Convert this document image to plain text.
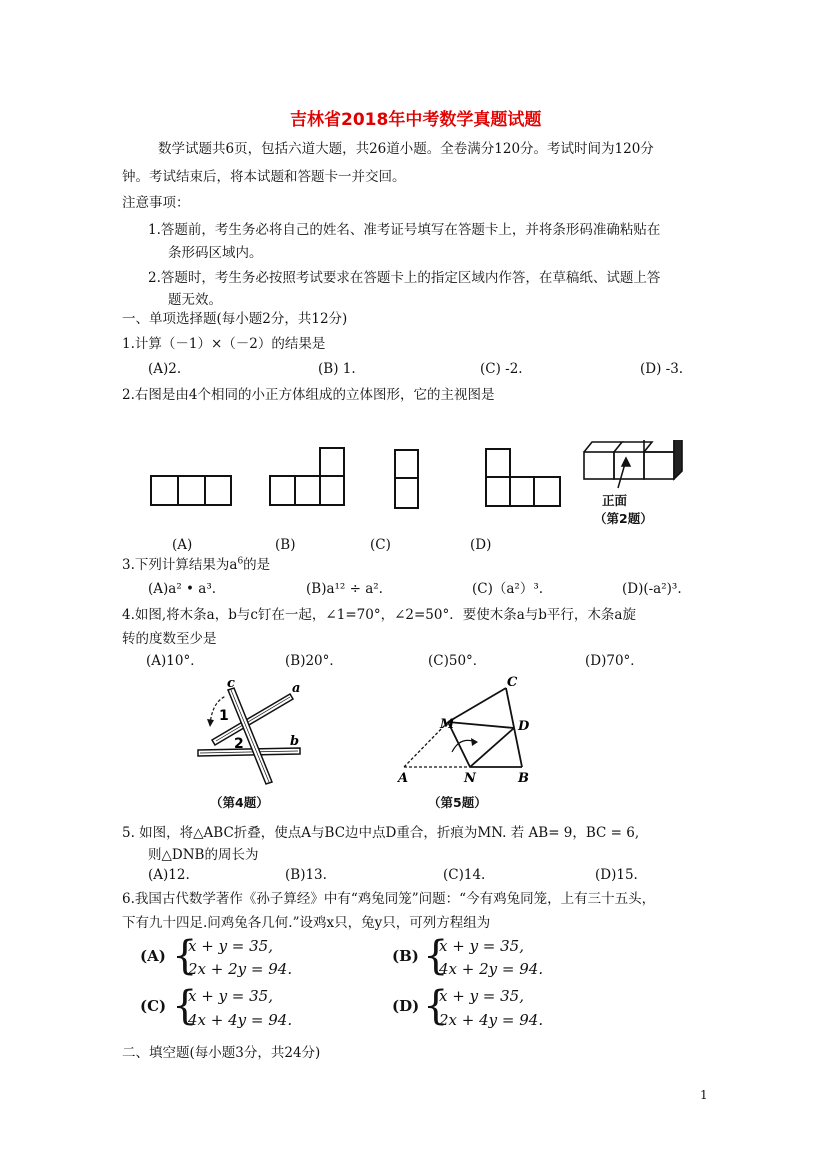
吉林省2018年中考数学真题试题
数学试题共6页，包括六道大题，共26道小题。全卷满分120分。考试时间为120分
钟。考试结束后，将本试题和答题卡一并交回。
注意事项：
1.答题前，考生务必将自己的姓名、准考证号填写在答题卡上，并将条形码准确粘贴在
条形码区域内。
2.答题时，考生务必按照考试要求在答题卡上的指定区域内作答，在草稿纸、试题上答
题无效。
一、单项选择题(每小题2分，共12分)
1.计算（－1）×（－2）的结果是
(A)2.	(B) 1.	(C) -2.	(D) -3.
2.右图是由4个相同的小正方体组成的立体图形，它的主视图是
正面
（第2题）
(A)	(B)	(C)	(D)
3.下列计算结果为$a^6$的是
(A)a² • a³.	(B)a¹² ÷ a².	(C)（a²）³.	(D)(-a²)³.
4.如图,将木条a，b与c钉在一起，∠1=70°，∠2=50°．要使木条a与b平行，木条a旋
转的度数至少是
(A)10°．	(B)20°．	(C)50°．	(D)70°．
c	a
1
2	b
（第4题）
C
M	D
A	N	B
（第5题）
5. 如图，将△ABC折叠，使点A与BC边中点D重合，折痕为MN. 若 AB= 9，BC = 6,
则△DNB的周长为
(A)12.	(B)13.	(C)14.	(D)15.
6.我国古代数学著作《孙子算经》中有“鸡兔同笼”问题：“今有鸡兔同笼，上有三十五头，
下有九十四足.问鸡兔各几何.”设鸡x只，兔y只，可列方程组为
(A) {
x + y = 35,
2x + 2y = 94.
(B) {
x + y = 35,
4x + 2y = 94.
(C) {
x + y = 35,
4x + 4y = 94.
(D) {
x + y = 35,
2x + 4y = 94.
二、填空题(每小题3分，共24分)
1
